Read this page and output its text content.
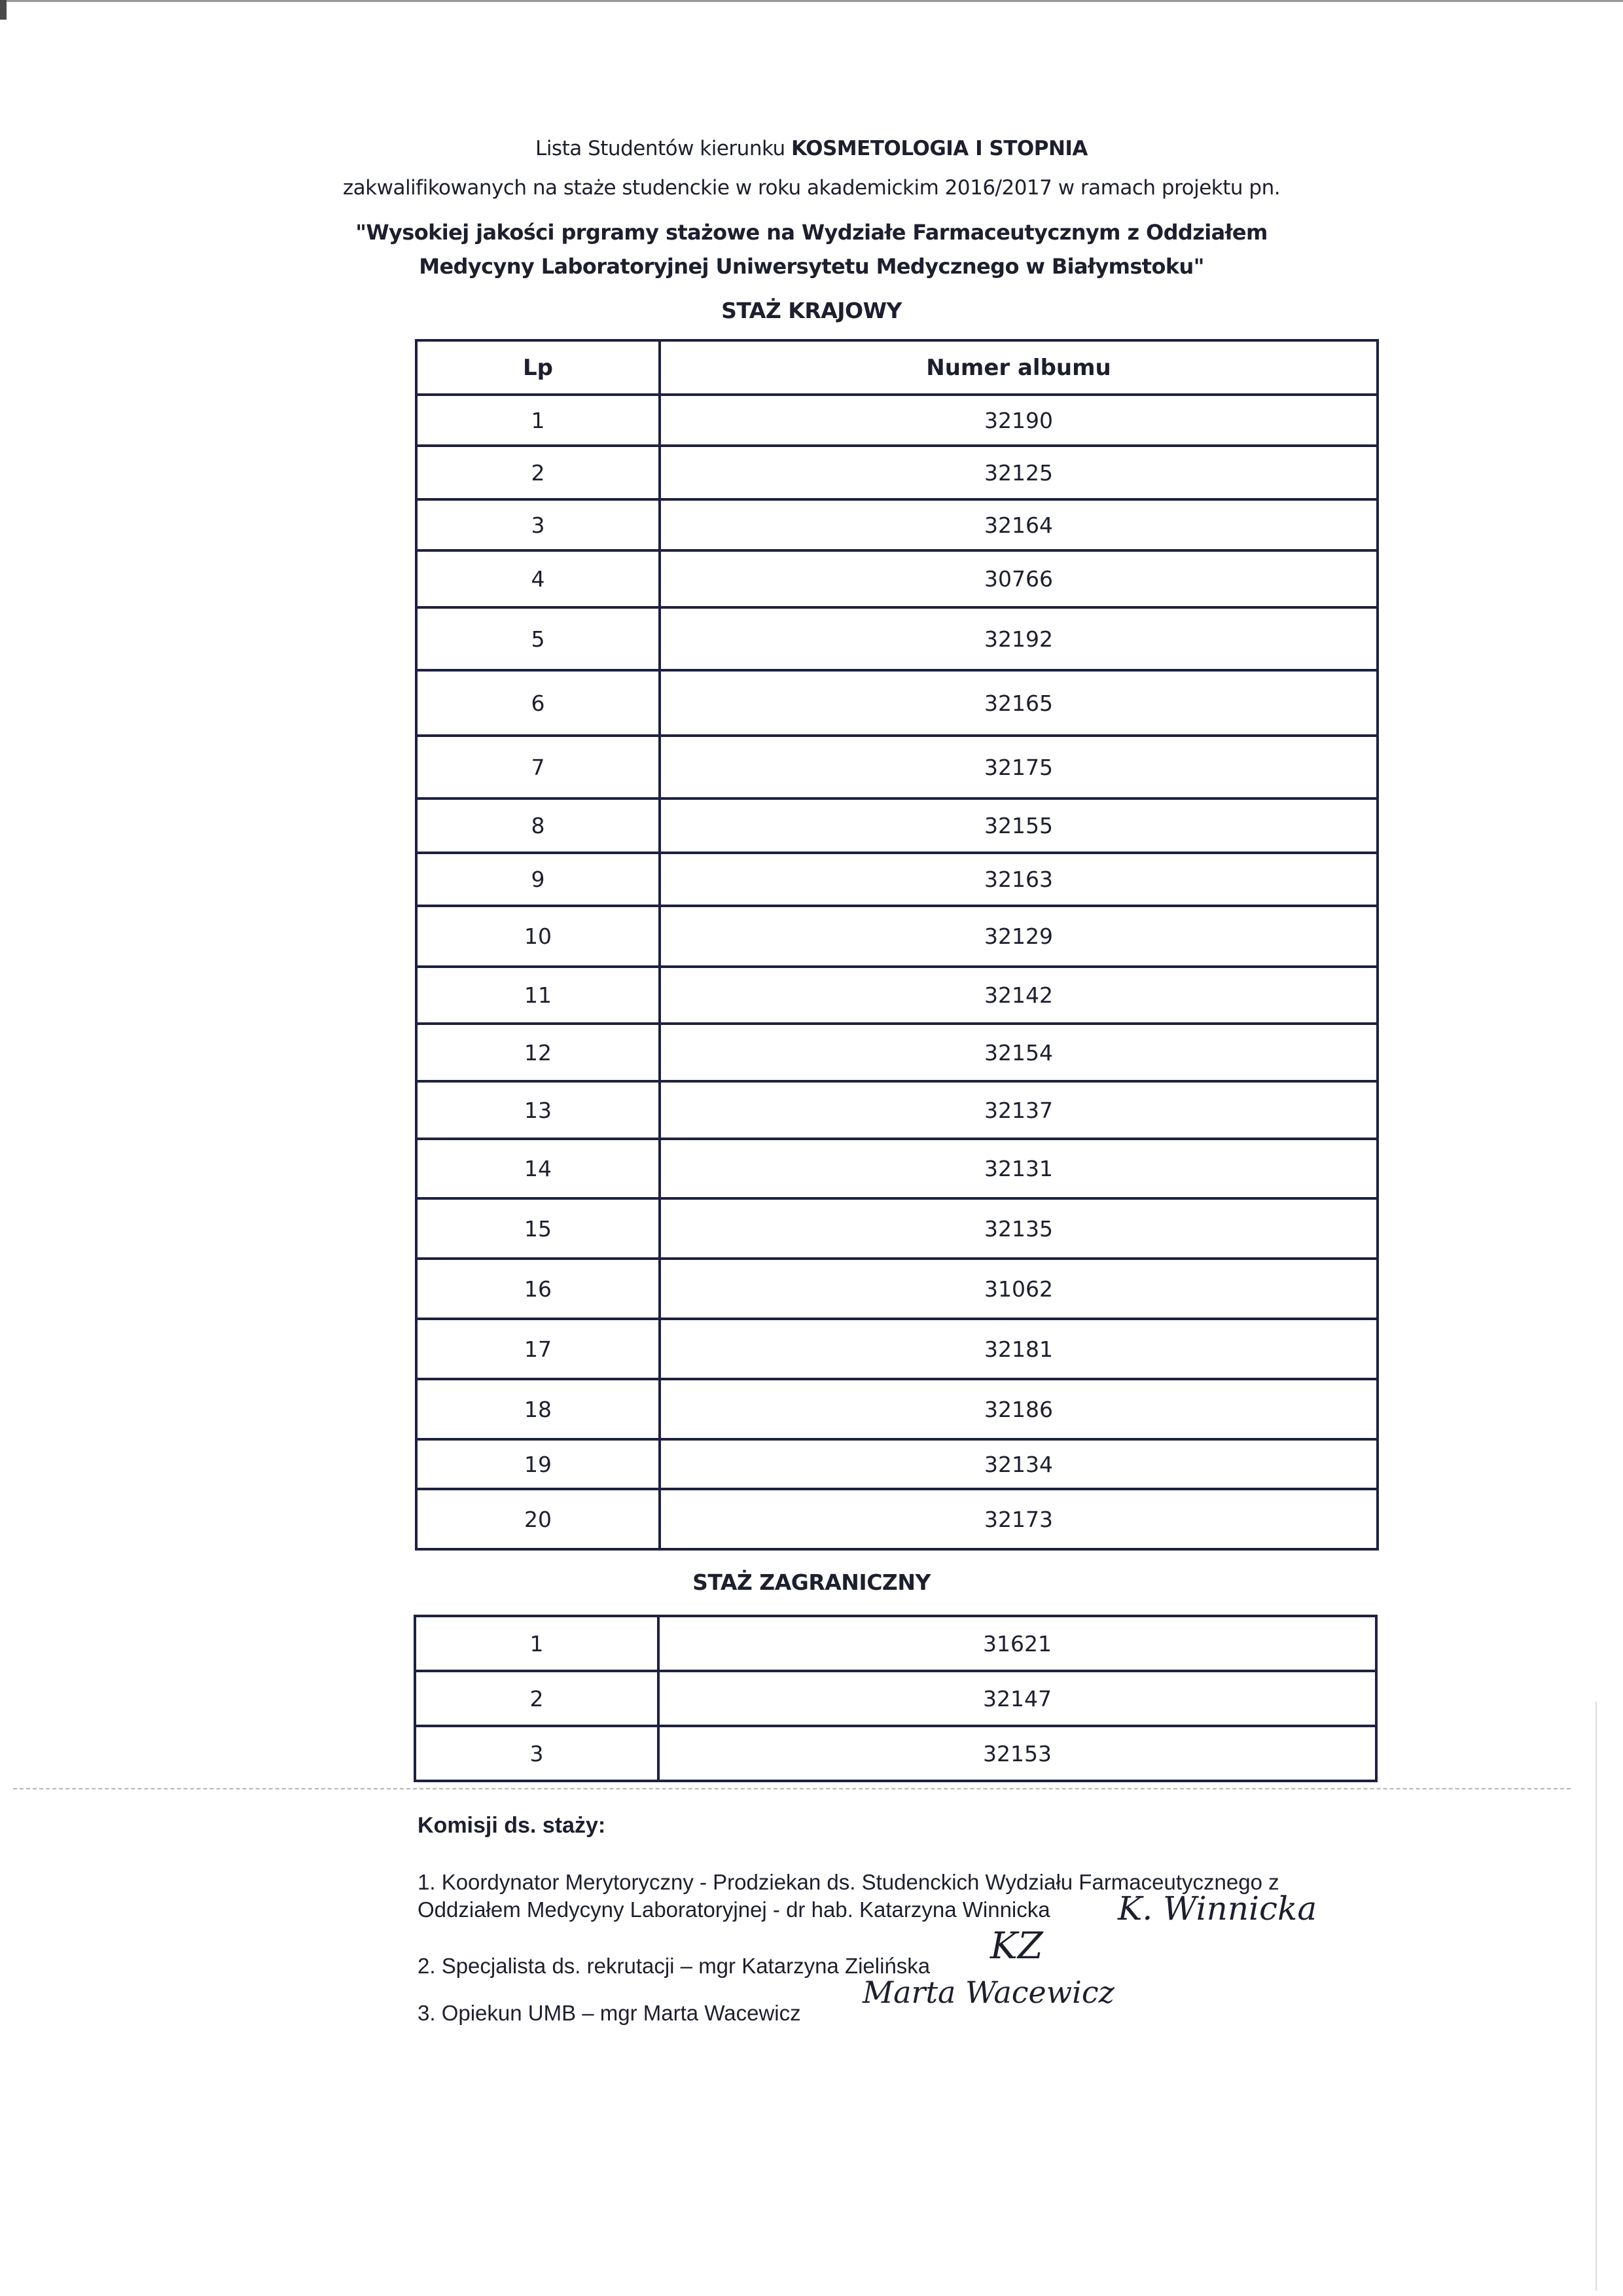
Lista Studentów kierunku KOSMETOLOGIA I STOPNIA
zakwalifikowanych na staże studenckie w roku akademickim 2016/2017 w ramach projektu pn.
"Wysokiej jakości prgramy stażowe na Wydziałe Farmaceutycznym z Oddziałem
Medycyny Laboratoryjnej Uniwersytetu Medycznego w Białymstoku"
STAŻ KRAJOWY
Lp	Numer albumu
1	32190
2	32125
3	32164
4	30766
5	32192
6	32165
7	32175
8	32155
9	32163
10	32129
11	32142
12	32154
13	32137
14	32131
15	32135
16	31062
17	32181
18	32186
19	32134
20	32173
STAŻ ZAGRANICZNY
1	31621
2	32147
3	32153
Komisji ds. staży:
1. Koordynator Merytoryczny - Prodziekan ds. Studenckich Wydziału Farmaceutycznego z
Oddziałem Medycyny Laboratoryjnej - dr hab. Katarzyna Winnicka	K. Winnicka
2. Specjalista ds. rekrutacji – mgr Katarzyna Zielińska	KZ
3. Opiekun UMB – mgr Marta Wacewicz
Marta Wacewicz
